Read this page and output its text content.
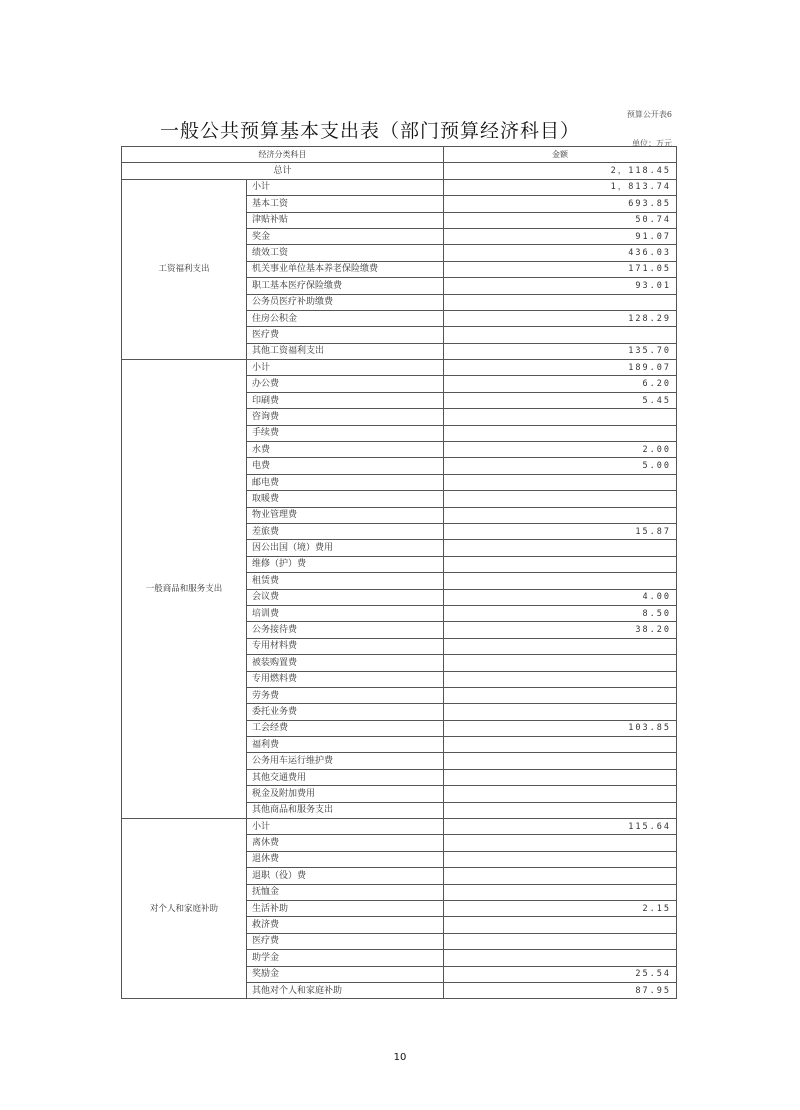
预算公开表6
一般公共预算基本支出表（部门预算经济科目）
单位：万元
经济分类科目		金额
总计		2，118.45
工资福利支出	小计	1，813.74
	基本工资	693.85
	津贴补贴	50.74
	奖金	91.07
	绩效工资	436.03
	机关事业单位基本养老保险缴费	171.05
	职工基本医疗保险缴费	93.01
	公务员医疗补助缴费	
	住房公积金	128.29
	医疗费	
	其他工资福利支出	135.70
一般商品和服务支出	小计	189.07
	办公费	6.20
	印刷费	5.45
	咨询费	
	手续费	
	水费	2.00
	电费	5.00
	邮电费	
	取暖费	
	物业管理费	
	差旅费	15.87
	因公出国（境）费用	
	维修（护）费	
	租赁费	
	会议费	4.00
	培训费	8.50
	公务接待费	38.20
	专用材料费	
	被装购置费	
	专用燃料费	
	劳务费	
	委托业务费	
	工会经费	103.85
	福利费	
	公务用车运行维护费	
	其他交通费用	
	税金及附加费用	
	其他商品和服务支出	
对个人和家庭补助	小计	115.64
	离休费	
	退休费	
	退职（役）费	
	抚恤金	
	生活补助	2.15
	救济费	
	医疗费	
	助学金	
	奖励金	25.54
	其他对个人和家庭补助	87.95
10
